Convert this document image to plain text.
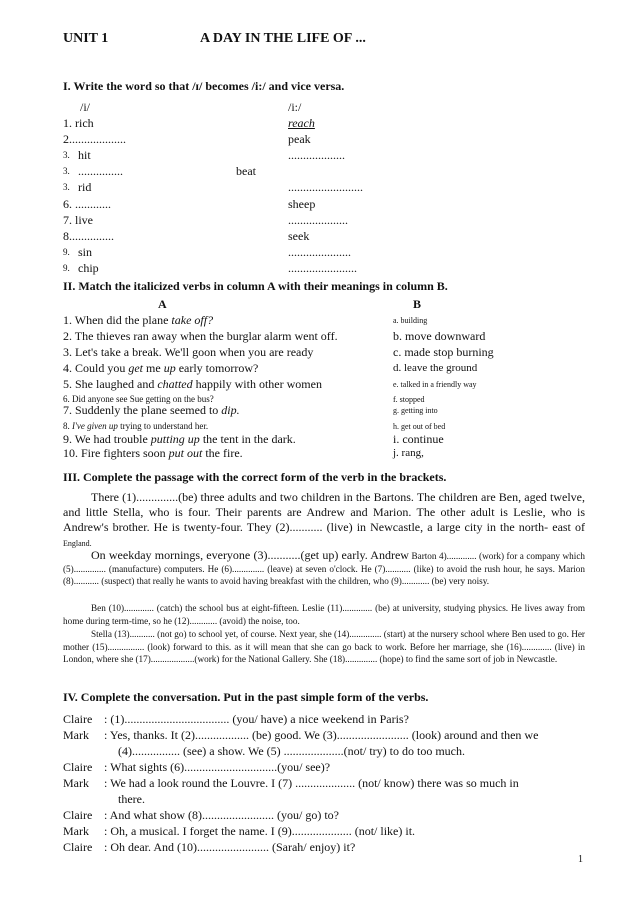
UNIT 1	A DAY IN THE LIFE OF ...
I. Write the word so that /ɪ/ becomes /i:/ and vice versa.
/i/	/i:/
1. rich	reach
2...................	peak
3. hit	...................
3. ...............	beat
3. rid	.........................
6. ............	sheep
7. live	....................
8...............	seek
9. sin	.....................
9. chip	.......................
II. Match the italicized verbs in column A with their meanings in column B.
A	B
1. When did the plane take off?	a. building
2. The thieves ran away when the burglar alarm went off.	b. move downward
3. Let's take a break. We'll goon when you are ready	c. made stop burning
4. Could you get me up early tomorrow?	d. leave the ground
5. She laughed and chatted happily with other women	e. talked in a friendly way
6. Did anyone see Sue getting on the bus?	f. stopped
7. Suddenly the plane seemed to dip.	g. getting into
8. I've given up trying to understand her.	h. get out of bed
9. We had trouble putting up the tent in the dark.	i. continue
10. Fire fighters soon put out the fire.	j. rang,
III. Complete the passage with the correct form of the verb in the brackets.
There (1)..............(be) three adults and two children in the Bartons. The children are Ben, aged twelve, and little Stella, who is four. Their parents are Andrew and Marion. The other adult is Leslie, who is Andrew's brother. He is twenty-four. They (2)........... (live) in Newcastle, a large city in the north- east of England.
On weekday mornings, everyone (3)...........(get up) early. Andrew Barton 4)............. (work) for a company which (5).............. (manufacture) computers. He (6).............. (leave) at seven o'clock. He (7)........... (like) to avoid the rush hour, he says. Marion (8)........... (suspect) that really he wants to avoid having breakfast with the children, who (9)............ (be) very noisy.
Ben (10)............. (catch) the school bus at eight-fifteen. Leslie (11)............. (be) at university, studying physics. He lives away from home during term-time, so he (12)............ (avoid) the noise, too.
Stella (13)........... (not go) to school yet, of course. Next year, she (14).............. (start) at the nursery school where Ben used to go. Her mother (15)................ (look) forward to this. as it will mean that she can go back to work. Before her marriage, she (16)............. (live) in London, where she (17)...................(work) for the National Gallery. She (18).............. (hope) to find the same sort of job in Newcastle.
IV. Complete the conversation. Put in the past simple form of the verbs.
Claire : (1)................................... (you/ have) a nice weekend in Paris?
Mark	: Yes, thanks. It (2).................. (be) good. We (3)........................ (look) around and then we
(4)................ (see) a show. We (5) ....................(not/ try) to do too much.
Claire : What sights (6)...............................(you/ see)?
Mark	: We had a look round the Louvre. I (7) .................... (not/ know) there was so much in
there.
Claire : And what show (8)........................ (you/ go) to?
Mark	: Oh, a musical. I forget the name. I (9).................... (not/ like) it.
Claire : Oh dear. And (10)........................ (Sarah/ enjoy) it?
1
